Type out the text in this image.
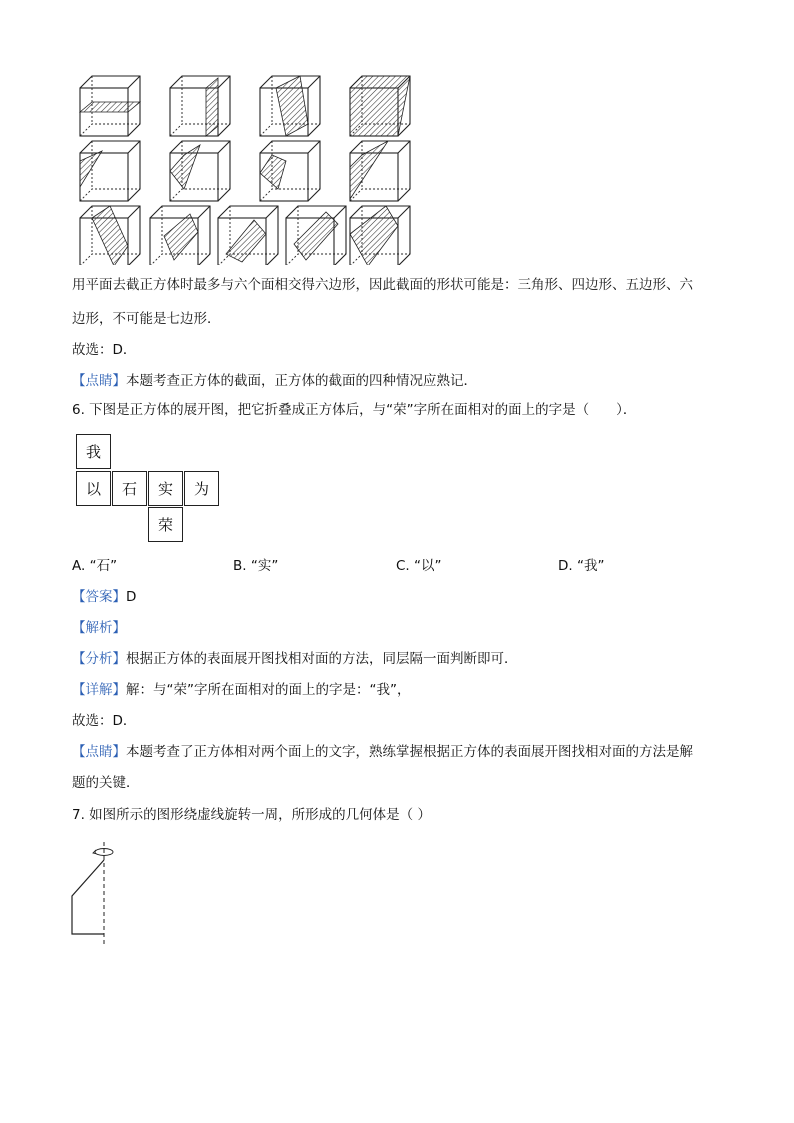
用平面去截正方体时最多与六个面相交得六边形，因此截面的形状可能是：三角形、四边形、五边形、六
边形，不可能是七边形．
故选：D．
【点睛】本题考查正方体的截面，正方体的截面的四种情况应熟记．
6. 下图是正方体的展开图，把它折叠成正方体后，与“荣”字所在面相对的面上的字是（　　）．
我
以	石	实	为
荣
A. “石”	B. “实”	C. “以”	D. “我”
【答案】D
【解析】
【分析】根据正方体的表面展开图找相对面的方法，同层隔一面判断即可．
【详解】解：与“荣”字所在面相对的面上的字是：“我”，
故选：D．
【点睛】本题考查了正方体相对两个面上的文字，熟练掌握根据正方体的表面展开图找相对面的方法是解
题的关键．
7. 如图所示的图形绕虚线旋转一周，所形成的几何体是（ ）
